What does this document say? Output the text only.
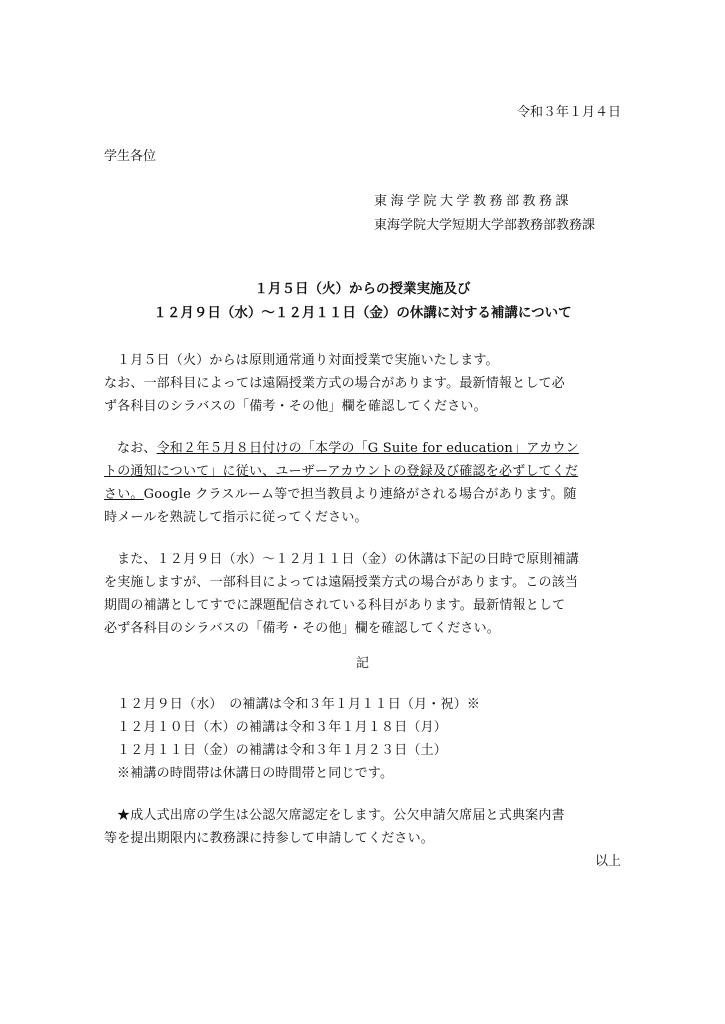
令和３年１月４日

学生各位

東海学院大学教務部教務課

東海学院大学短期大学部教務部教務課

１月５日（火）からの授業実施及び

１２月９日（水）～１２月１１日（金）の休講に対する補講について

１月５日（火）からは原則通常通り対面授業で実施いたします。

なお、一部科目によっては遠隔授業方式の場合があります。最新情報として必

ず各科目のシラバスの「備考・その他」欄を確認してください。

なお、令和２年５月８日付けの「本学の「G Suite for education」アカウン

トの通知について」に従い、ユーザーアカウントの登録及び確認を必ずしてくだ

さい。Google クラスルーム等で担当教員より連絡がされる場合があります。随

時メールを熟読して指示に従ってください。

また、１２月９日（水）～１２月１１日（金）の休講は下記の日時で原則補講

を実施しますが、一部科目によっては遠隔授業方式の場合があります。この該当

期間の補講としてすでに課題配信されている科目があります。最新情報として

必ず各科目のシラバスの「備考・その他」欄を確認してください。

記

１２月９日（水）　の補講は令和３年１月１１日（月・祝）※

１２月１０日（木）の補講は令和３年１月１８日（月）

１２月１１日（金）の補講は令和３年１月２３日（土）

※補講の時間帯は休講日の時間帯と同じです。

★成人式出席の学生は公認欠席認定をします。公欠申請欠席届と式典案内書

等を提出期限内に教務課に持参して申請してください。

以上
